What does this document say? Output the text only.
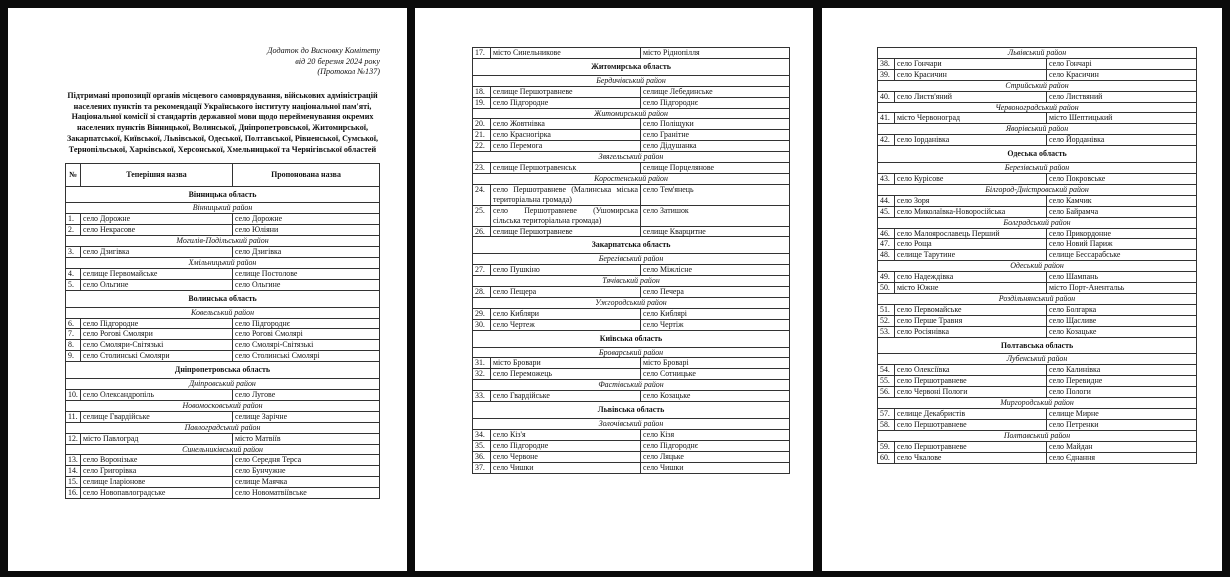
Додаток до Висновку Комітету
від 20 березня 2024 року
(Протокол №137)
Підтримані пропозиції органів місцевого самоврядування, військових адміністрацій населених пунктів та рекомендації Українського інституту національної пам'яті, Національної комісії зі стандартів державної мови щодо перейменування окремих населених пунктів Вінницької, Волинської, Дніпропетровської, Житомирської, Закарпатської, Київської, Львівської, Одеської, Полтавської, Рівненської, Сумської, Тернопільської, Харківської, Херсонської, Хмельницької та Чернігівської областей
№	Теперішня назва	Пропонована назва
Вінницька область		
Вінницький район		
1.	село Дорожне	село Дорожне
2.	село Некрасове	село Юліяни
Могилів-Подільський район		
3.	село Дзигівка	село Дзигівка
Хмільницький район		
4.	селище Первомайське	селище Постолове
5.	село Ольгине	село Ольгине
Волинська область		
Ковельський район		
6.	село Підгородне	село Підгороднє
7.	село Рогові Смоляри	село Рогові Смолярі
8.	село Смоляри-Світязькі	село Смолярі-Світязькі
9.	село Столинські Смоляри	село Столинські Смолярі
Дніпропетровська область		
Дніпровський район		
10.	село Олександропіль	село Лугове
Новомосковський район		
11.	селище Гвардійське	селище Зарічне
Павлоградський район		
12.	місто Павлоград	місто Матвіїв
Синельниківський район		
13.	село Воронізьке	село Середня Терса
14.	село Григорівка	село Бунчужне
15.	селище Іларіонове	селище Маячка
16.	село Новопавлоградське	село Новоматвіївське
17.	місто Синельникове	місто Ріднопілля
Житомирська область		
Бердичівський район		
18.	селище Першотравневе	селище Лебединське
19.	село Підгородне	село Підгороднє
Житомирський район		
20.	село Жовтнівка	село Поліщуки
21.	село Красногірка	село Гранітне
22.	село Перемога	село Дідушанка
Звягельський район		
23.	селище Першотравенськ	селище Порцелянове
Коростенський район		
24.	село Першотравневе (Малинська міська територіальна громада)	село Тем'янець
25.	село Першотравневе (Ушомирська сільська територіальна громада)	село Затишок
26.	селище Першотравневе	селище Кварцитне
Закарпатська область		
Берегівський район		
27.	село Пушкіно	село Міжлісне
Тячівський район		
28.	село Пещера	село Печера
Ужгородський район		
29.	село Кибляри	село Киблярі
30.	село Чертеж	село Чертіж
Київська область		
Броварський район		
31.	місто Бровари	місто Броварі
32.	село Переможець	село Сотницьке
Фастівський район		
33.	село Гвардійське	село Козацьке
Львівська область		
Золочівський район		
34.	село Кіз'я	село Кізя
35.	село Підгородне	село Підгороднє
36.	село Червоне	село Ляцьке
37.	село Чишки	село Чишки
Львівський район		
38.	село Гончари	село Гончарі
39.	село Красичин	село Красичин
Стрийський район		
40.	село Листв'яний	село Листвяний
Червоноградський район		
41.	місто Червоноград	місто Шептицький
Яворівський район		
42.	село Іорданівка	село Йорданівка
Одеська область		
Березівський район		
43.	село Курісове	село Покровське
Білгород-Дністровський район		
44.	село Зоря	село Камчик
45.	село Миколаївка-Новоросійська	село Байрамча
Болградський район		
46.	село Малоярославець Перший	село Прикордонне
47.	село Роща	село Новий Париж
48.	селище Тарутине	селище Бессарабське
Одеський район		
49.	село Надеждівка	село Шампань
50.	місто Южне	місто Порт-Анентальь
Роздільнянський район		
51.	село Первомайське	село Болгарка
52.	село Перше Травня	село Щасливе
53.	село Росіянівка	село Козацьке
Полтавська область		
Лубенський район		
54.	село Олексіївка	село Калинівка
55.	село Першотравневе	село Перевидне
56.	село Червоні Пологи	село Пологи
Миргородський район		
57.	селище Декабристів	селище Мирне
58.	село Першотравневе	село Петренки
Полтавський район		
59.	село Першотравневе	село Майдан
60.	село Чкалове	село Єднання
